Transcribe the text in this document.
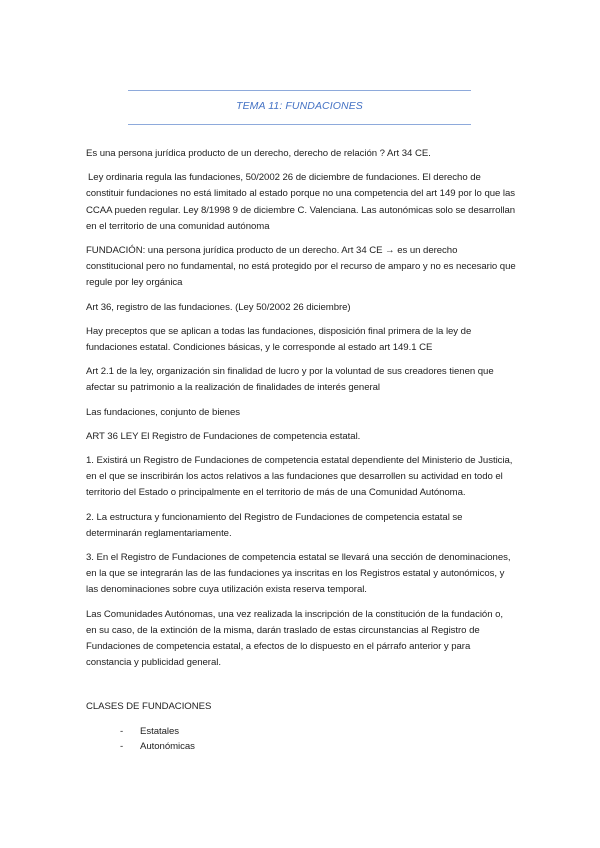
TEMA 11: FUNDACIONES

Es una persona jurídica producto de un derecho, derecho de relación ? Art 34 CE.

Ley ordinaria regula las fundaciones, 50/2002 26 de diciembre de fundaciones. El derecho de constituir fundaciones no está limitado al estado porque no una competencia del art 149 por lo que las CCAA pueden regular. Ley 8/1998 9 de diciembre C. Valenciana. Las autonómicas solo se desarrollan en el territorio de una comunidad autónoma

FUNDACIÓN: una persona jurídica producto de un derecho. Art 34 CE → es un derecho constitucional pero no fundamental, no está protegido por el recurso de amparo y no es necesario que regule por ley orgánica

Art 36, registro de las fundaciones. (Ley 50/2002 26 diciembre)

Hay preceptos que se aplican a todas las fundaciones, disposición final primera de la ley de fundaciones estatal. Condiciones básicas, y le corresponde al estado art 149.1 CE

Art 2.1 de la ley, organización sin finalidad de lucro y por la voluntad de sus creadores tienen que afectar su patrimonio a la realización de finalidades de interés general

Las fundaciones, conjunto de bienes

ART 36 LEY El Registro de Fundaciones de competencia estatal.

1. Existirá un Registro de Fundaciones de competencia estatal dependiente del Ministerio de Justicia, en el que se inscribirán los actos relativos a las fundaciones que desarrollen su actividad en todo el territorio del Estado o principalmente en el territorio de más de una Comunidad Autónoma.

2. La estructura y funcionamiento del Registro de Fundaciones de competencia estatal se determinarán reglamentariamente.

3. En el Registro de Fundaciones de competencia estatal se llevará una sección de denominaciones, en la que se integrarán las de las fundaciones ya inscritas en los Registros estatal y autonómicos, y las denominaciones sobre cuya utilización exista reserva temporal.

Las Comunidades Autónomas, una vez realizada la inscripción de la constitución de la fundación o, en su caso, de la extinción de la misma, darán traslado de estas circunstancias al Registro de Fundaciones de competencia estatal, a efectos de lo dispuesto en el párrafo anterior y para constancia y publicidad general.

CLASES DE FUNDACIONES

- Estatales
- Autonómicas
